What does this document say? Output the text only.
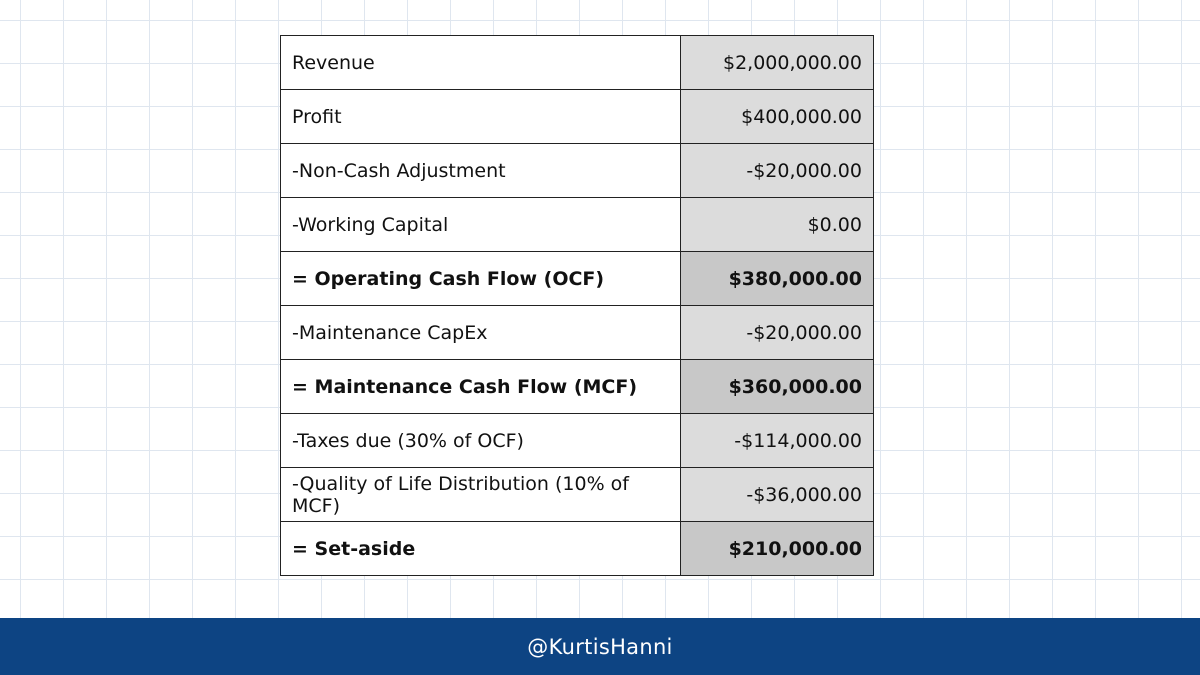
Revenue	$2,000,000.00
Profit	$400,000.00
-Non-Cash Adjustment	-$20,000.00
-Working Capital	$0.00
= Operating Cash Flow (OCF)	$380,000.00
-Maintenance CapEx	-$20,000.00
= Maintenance Cash Flow (MCF)	$360,000.00
-Taxes due (30% of OCF)	-$114,000.00
-Quality of Life Distribution (10% of MCF)	-$36,000.00
= Set-aside	$210,000.00
@KurtisHanni
